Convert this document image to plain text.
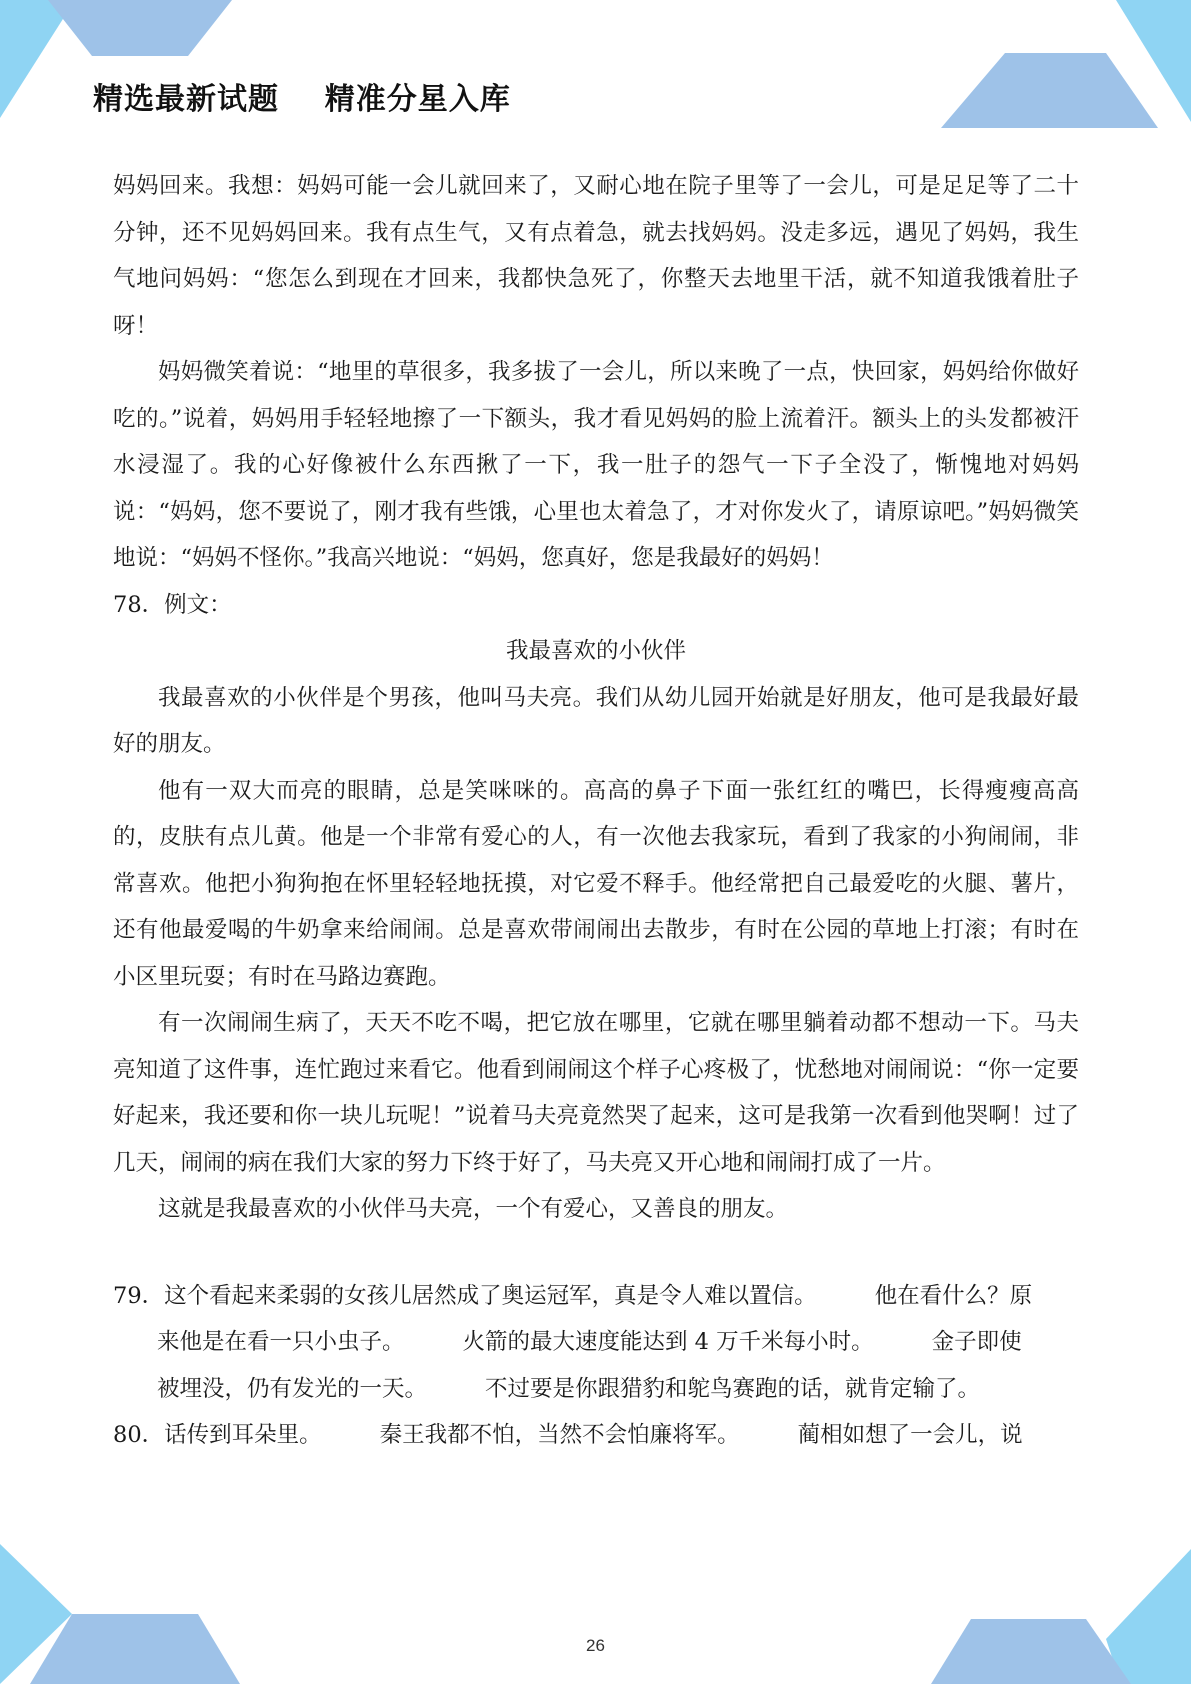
精选最新试题    精准分星入库

妈妈回来。我想：妈妈可能一会儿就回来了，又耐心地在院子里等了一会儿，可是足足等了二十分钟，还不见妈妈回来。我有点生气，又有点着急，就去找妈妈。没走多远，遇见了妈妈，我生气地问妈妈：“您怎么到现在才回来，我都快急死了，你整天去地里干活，就不知道我饿着肚子呀！

妈妈微笑着说：“地里的草很多，我多拔了一会儿，所以来晚了一点，快回家，妈妈给你做好吃的。”说着，妈妈用手轻轻地擦了一下额头，我才看见妈妈的脸上流着汗。额头上的头发都被汗水浸湿了。我的心好像被什么东西揪了一下，我一肚子的怨气一下子全没了，惭愧地对妈妈说：“妈妈，您不要说了，刚才我有些饿，心里也太着急了，才对你发火了，请原谅吧。”妈妈微笑地说：“妈妈不怪你。”我高兴地说：“妈妈，您真好，您是我最好的妈妈！

78．例文：

我最喜欢的小伙伴

我最喜欢的小伙伴是个男孩，他叫马夫亮。我们从幼儿园开始就是好朋友，他可是我最好最好的朋友。

他有一双大而亮的眼睛，总是笑咪咪的。高高的鼻子下面一张红红的嘴巴，长得瘦瘦高高的，皮肤有点儿黄。他是一个非常有爱心的人，有一次他去我家玩，看到了我家的小狗闹闹，非常喜欢。他把小狗狗抱在怀里轻轻地抚摸，对它爱不释手。他经常把自己最爱吃的火腿、薯片，还有他最爱喝的牛奶拿来给闹闹。总是喜欢带闹闹出去散步，有时在公园的草地上打滚；有时在小区里玩耍；有时在马路边赛跑。

有一次闹闹生病了，天天不吃不喝，把它放在哪里，它就在哪里躺着动都不想动一下。马夫亮知道了这件事，连忙跑过来看它。他看到闹闹这个样子心疼极了，忧愁地对闹闹说：“你一定要好起来，我还要和你一块儿玩呢！”说着马夫亮竟然哭了起来，这可是我第一次看到他哭啊！过了几天，闹闹的病在我们大家的努力下终于好了，马夫亮又开心地和闹闹打成了一片。

这就是我最喜欢的小伙伴马夫亮，一个有爱心，又善良的朋友。

79．这个看起来柔弱的女孩儿居然成了奥运冠军，真是令人难以置信。	他在看什么？原

来他是在看一只小虫子。	火箭的最大速度能达到 4 万千米每小时。	金子即使

被埋没，仍有发光的一天。	不过要是你跟猎豹和鸵鸟赛跑的话，就肯定输了。

80．话传到耳朵里。	秦王我都不怕，当然不会怕廉将军。	蔺相如想了一会儿，说

26
